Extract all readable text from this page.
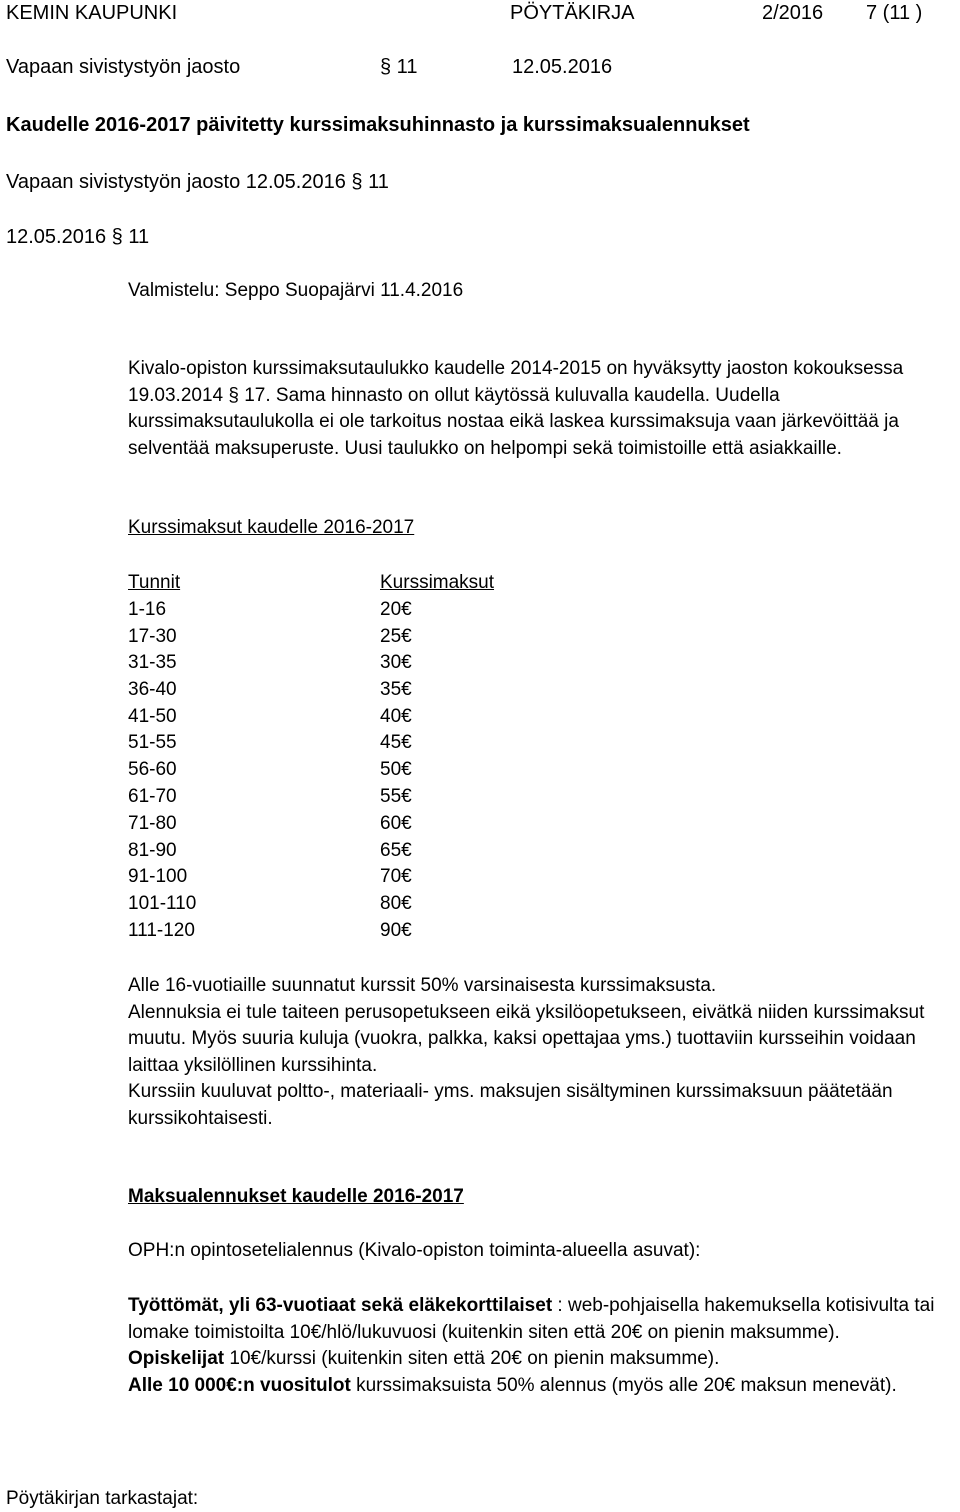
KEMIN KAUPUNKI	PÖYTÄKIRJA	2/2016 7 (11 )
Vapaan sivistystyön jaosto	§ 11	12.05.2016
Kaudelle 2016-2017 päivitetty kurssimaksuhinnasto ja kurssimaksualennukset
Vapaan sivistystyön jaosto 12.05.2016 § 11
12.05.2016 § 11
Valmistelu: Seppo Suopajärvi 11.4.2016

Kivalo-opiston kurssimaksutaulukko kaudelle 2014-2015 on hyväksytty jaoston kokouksessa 19.03.2014 § 17. Sama hinnasto on ollut käytössä kuluvalla kaudella. Uudella kurssimaksutaulukolla ei ole tarkoitus nostaa eikä laskea kurssimaksuja vaan järkevöittää ja selventää maksuperuste. Uusi taulukko on helpompi sekä toimistoille että asiakkaille.

Kurssimaksut kaudelle 2016-2017
Tunnit	Kurssimaksut
1-16	20€
17-30	25€
31-35	30€
36-40	35€
41-50	40€
51-55	45€
56-60	50€
61-70	55€
71-80	60€
81-90	65€
91-100	70€
101-110	80€
111-120	90€

Alle 16-vuotiaille suunnatut kurssit 50% varsinaisesta kurssimaksusta.

Alennuksia ei tule taiteen perusopetukseen eikä yksilöopetukseen, eivätkä niiden kurssimaksut muutu. Myös suuria kuluja (vuokra, palkka, kaksi opettajaa yms.) tuottaviin kursseihin voidaan laittaa yksilöllinen kurssihinta.

Kurssiin kuuluvat poltto-, materiaali- yms. maksujen sisältyminen kurssimaksuun päätetään kurssikohtaisesti.

Maksualennukset kaudelle 2016-2017
OPH:n opintosetelialennus (Kivalo-opiston toiminta-alueella asuvat):

Työttömät, yli 63-vuotiaat sekä eläkekorttilaiset : web-pohjaisella hakemuksella kotisivulta tai lomake toimistoilta 10€/hlö/lukuvuosi (kuitenkin siten että 20€ on pienin maksumme).

Opiskelijat 10€/kurssi (kuitenkin siten että 20€ on pienin maksumme).

Alle 10 000€:n vuositulot kurssimaksuista 50% alennus (myös alle 20€ maksun menevät).

Pöytäkirjan tarkastajat:
